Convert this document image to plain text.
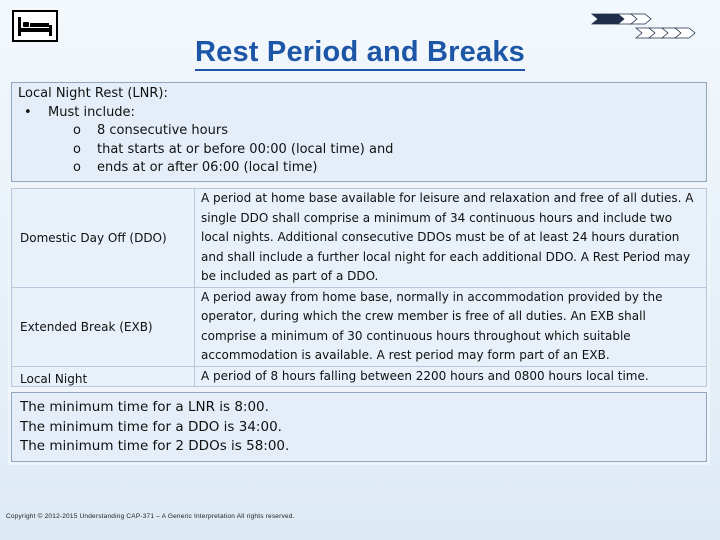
Rest Period and Breaks
Local Night Rest (LNR):
• Must include:
o 8 consecutive hours
o that starts at or before 00:00 (local time) and
o ends at or after 06:00 (local time)
Domestic Day Off (DDO)	A period at home base available for leisure and relaxation and free of all duties. A single DDO shall comprise a minimum of 34 continuous hours and include two local nights. Additional consecutive DDOs must be of at least 24 hours duration and shall include a further local night for each additional DDO. A Rest Period may be included as part of a DDO.
Extended Break (EXB)	A period away from home base, normally in accommodation provided by the operator, during which the crew member is free of all duties. An EXB shall comprise a minimum of 30 continuous hours throughout which suitable accommodation is available. A rest period may form part of an EXB.
Local Night	A period of 8 hours falling between 2200 hours and 0800 hours local time.
The minimum time for a LNR is 8:00.
The minimum time for a DDO is 34:00.
The minimum time for 2 DDOs is 58:00.
Copyright © 2012-2015 Understanding CAP-371 – A Generic Interpretation All rights reserved.
